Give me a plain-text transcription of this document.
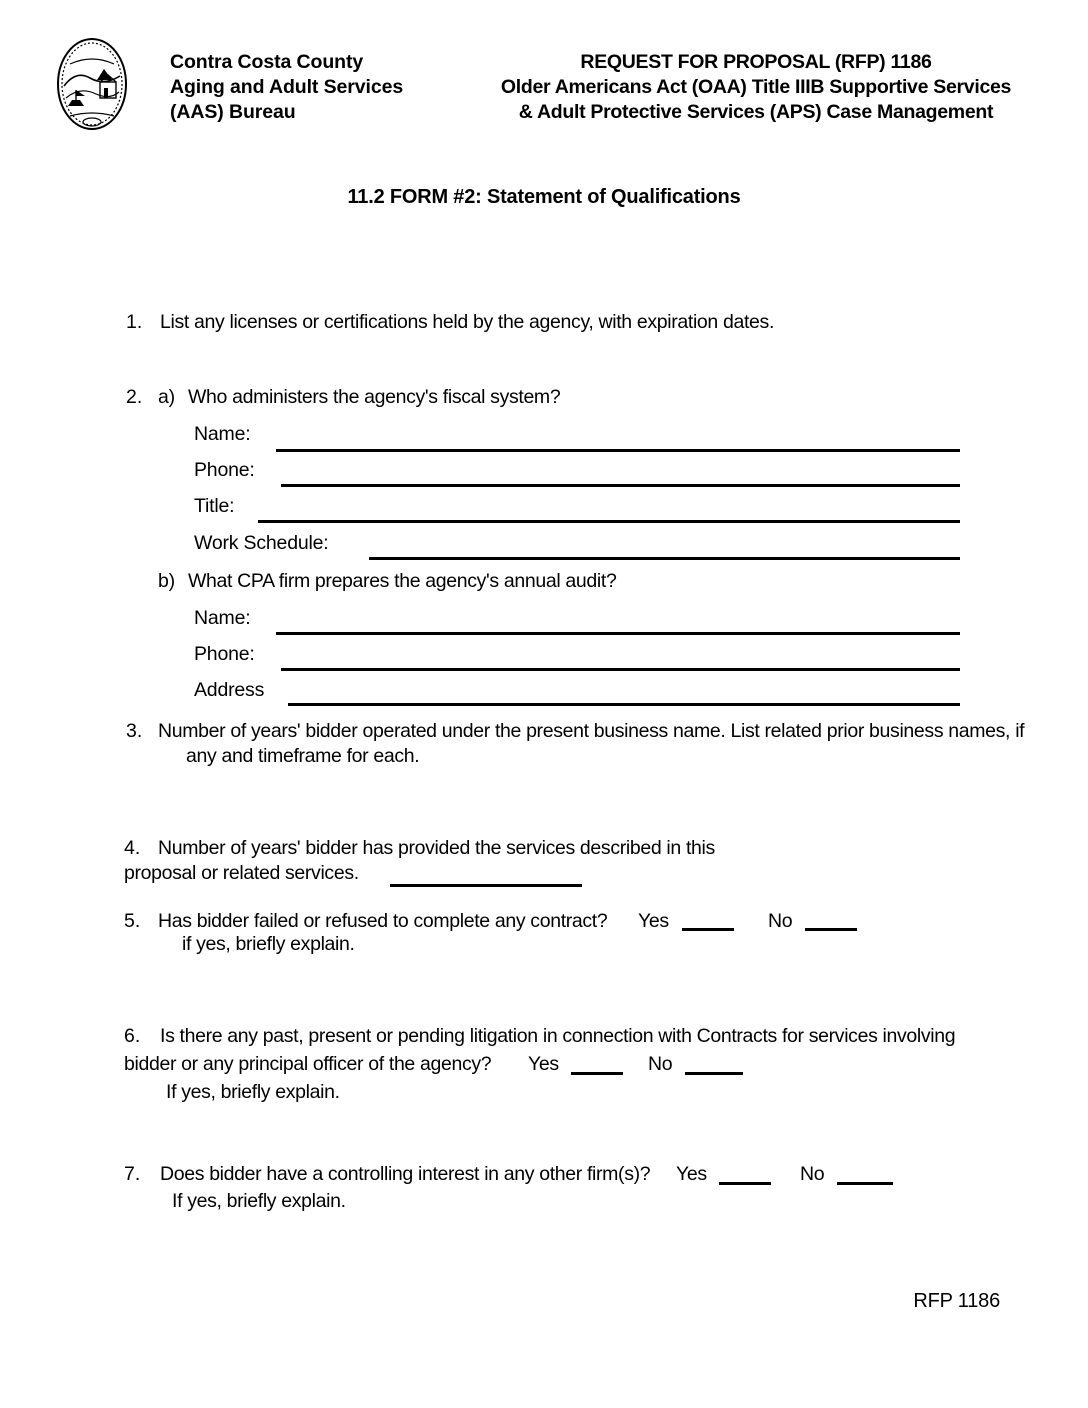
Contra Costa County
Aging and Adult Services
(AAS) Bureau
REQUEST FOR PROPOSAL (RFP) 1186
Older Americans Act (OAA) Title IIIB Supportive Services
& Adult Protective Services (APS) Case Management
11.2 FORM #2: Statement of Qualifications
1. List any licenses or certifications held by the agency, with expiration dates.
2. a) Who administers the agency's fiscal system?
Name:
Phone:
Title:
Work Schedule:
b) What CPA firm prepares the agency's annual audit?
Name:
Phone:
Address
3. Number of years' bidder operated under the present business name. List related prior business names, if
any and timeframe for each.
4. Number of years' bidder has provided the services described in this
proposal or related services.
5. Has bidder failed or refused to complete any contract?	Yes	No
if yes, briefly explain.
6. Is there any past, present or pending litigation in connection with Contracts for services involving
bidder or any principal officer of the agency?	Yes	No
If yes, briefly explain.
7. Does bidder have a controlling interest in any other firm(s)?	Yes	No
If yes, briefly explain.
RFP 1186
